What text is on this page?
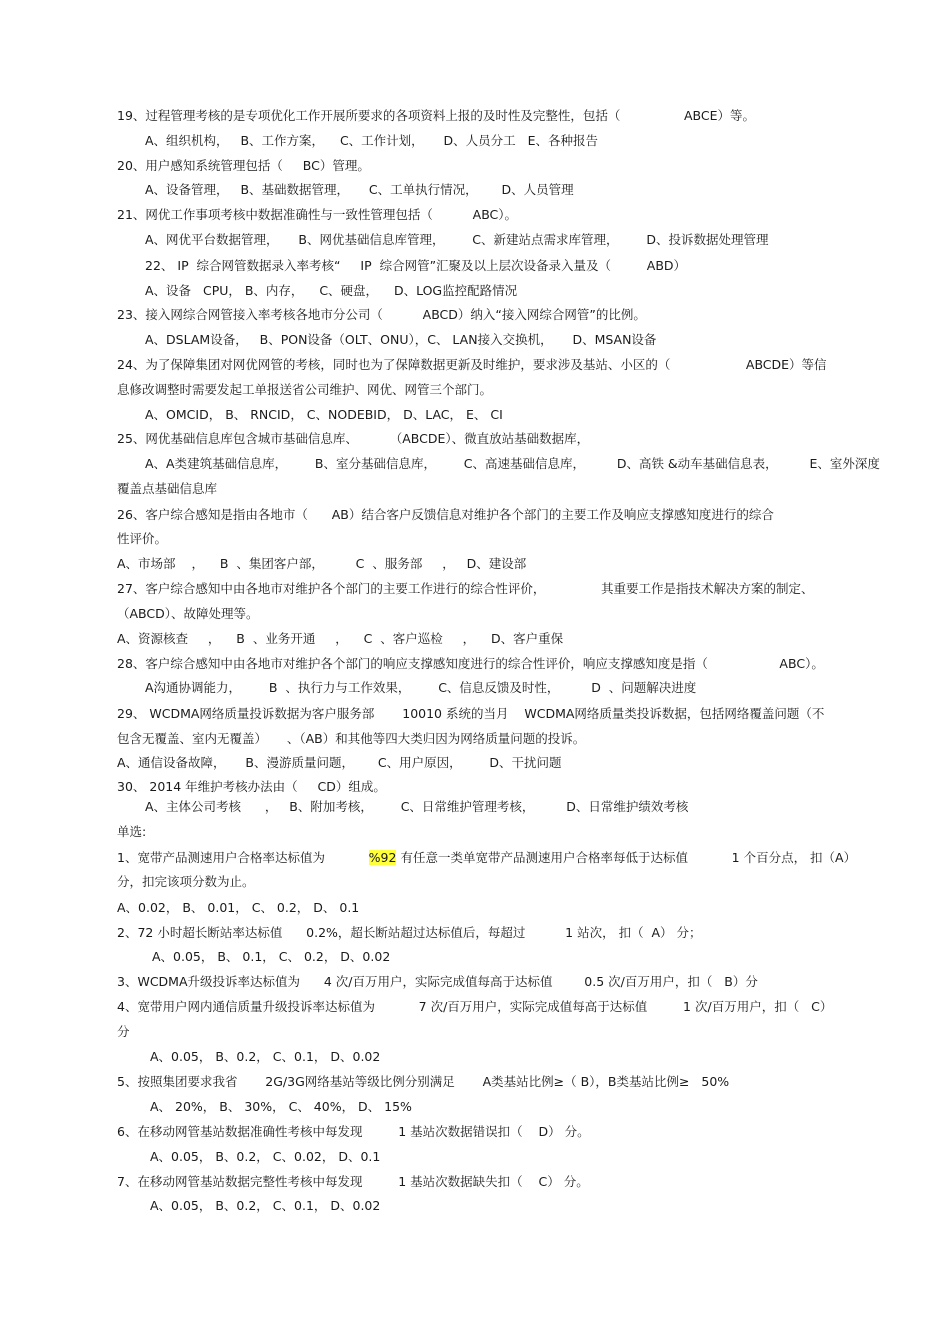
19、过程管理考核的是专项优化工作开展所要求的各项资料上报的及时性及完整性，包括（                ABCE）等。
A、组织机构，   B、工作方案，    C、工作计划，     D、人员分工   E、各种报告
20、用户感知系统管理包括（     BC）管理。
A、设备管理，   B、基础数据管理，     C、工单执行情况，      D、人员管理
21、网优工作事项考核中数据准确性与一致性管理包括（          ABC）。
A、网优平台数据管理，     B、网优基础信息库管理，       C、新建站点需求库管理，       D、投诉数据处理管理
22、 IP  综合网管数据录入率考核“     IP  综合网管”汇聚及以上层次设备录入量及（         ABD）
A、设备   CPU， B、内存，    C、硬盘，    D、LOG监控配路情况
23、接入网综合网管接入率考核各地市分公司（          ABCD）纳入“接入网综合网管”的比例。
A、DSLAM设备，   B、PON设备（OLT、ONU），C、 LAN接入交换机，     D、MSAN设备
24、为了保障集团对网优网管的考核，同时也为了保障数据更新及时维护，要求涉及基站、小区的（                   ABCDE）等信
息修改调整时需要发起工单报送省公司维护、网优、网管三个部门。
A、OMCID， B、 RNCID， C、NODEBID， D、LAC， E、 CI
25、网优基础信息库包含城市基础信息库、        （ABCDE）、微直放站基础数据库，
A、A类建筑基础信息库，       B、室分基础信息库，       C、高速基础信息库，        D、高铁 &动车基础信息表，        E、室外深度
覆盖点基础信息库
26、客户综合感知是指由各地市（      AB）结合客户反馈信息对维护各个部门的主要工作及响应支撑感知度进行的综合
性评价。
A、市场部    ，    B  、集团客户部，        C  、服务部     ，   D、建设部
27、客户综合感知中由各地市对维护各个部门的主要工作进行的综合性评价，              其重要工作是指技术解决方案的制定、
（ABCD）、故障处理等。
A、资源核查     ，    B  、业务开通     ，    C  、客户巡检     ，    D、客户重保
28、客户综合感知中由各地市对维护各个部门的响应支撑感知度进行的综合性评价，响应支撑感知度是指（                  ABC）。
A沟通协调能力，       B  、执行力与工作效果，       C、信息反馈及时性，        D  、问题解决进度
29、 WCDMA网络质量投诉数据为客户服务部       10010 系统的当月    WCDMA网络质量类投诉数据，包括网络覆盖问题（不
包含无覆盖、室内无覆盖）     、（AB）和其他等四大类归因为网络质量问题的投诉。
A、通信设备故障，     B、漫游质量问题，      C、用户原因，       D、干扰问题
30、 2014 年维护考核办法由（     CD）组成。
A、主体公司考核      ，   B、附加考核，       C、日常维护管理考核，        D、日常维护绩效考核
单选:
1、宽带产品测速用户合格率达标值为           %92 有任意一类单宽带产品测速用户合格率每低于达标值           1 个百分点， 扣（A）
分，扣完该项分数为止。
A、0.02， B、 0.01， C、 0.2， D、 0.1
2、72 小时超长断站率达标值      0.2%，超长断站超过达标值后，每超过          1 站次， 扣（  A） 分；
A、0.05， B、 0.1， C、 0.2， D、0.02
3、WCDMA升级投诉率达标值为      4 次/百万用户，实际完成值每高于达标值        0.5 次/百万用户，扣（   B）分
4、宽带用户网内通信质量升级投诉率达标值为           7 次/百万用户，实际完成值每高于达标值         1 次/百万用户，扣（   C）
分
A、0.05， B、0.2， C、0.1， D、0.02
5、按照集团要求我省       2G/3G网络基站等级比例分别满足       A类基站比例≥（ B），B类基站比例≥   50%
A、 20%， B、 30%， C、 40%， D、 15%
6、在移动网管基站数据准确性考核中每发现         1 基站次数据错误扣（    D） 分。
A、0.05， B、0.2， C、0.02， D、0.1
7、在移动网管基站数据完整性考核中每发现         1 基站次数据缺失扣（    C） 分。
A、0.05， B、0.2， C、0.1， D、0.02
